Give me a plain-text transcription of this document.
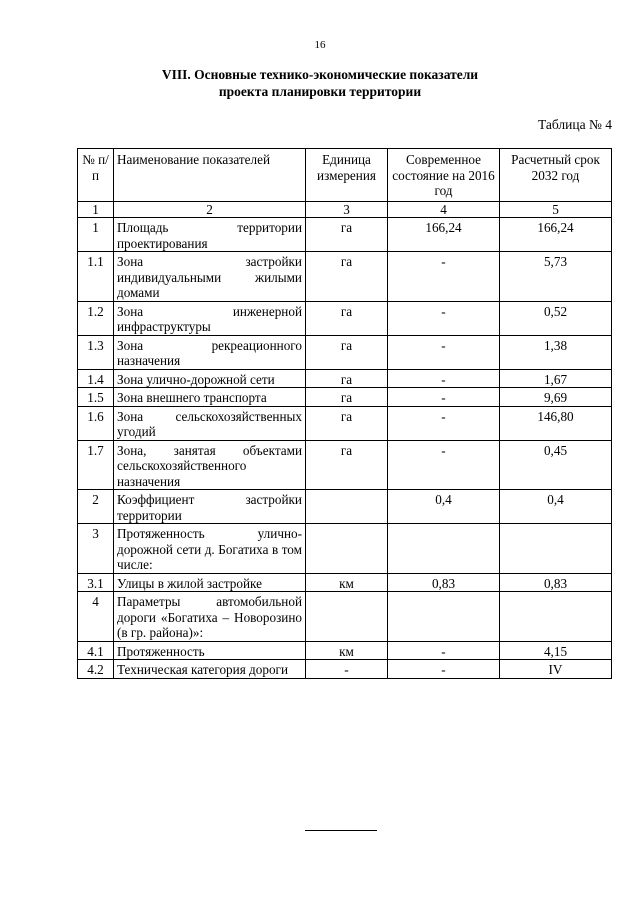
16
VIII. Основные технико-экономические показатели
проекта планировки территории
Таблица № 4
№ п/п	Наименование показателей	Единица измерения	Современное состояние на 2016 год	Расчетный срок 2032 год
1	2	3	4	5
1	Площадь территории проектирования	га	166,24	166,24
1.1	Зона застройки индивидуальными жилыми домами	га	-	5,73
1.2	Зона инженерной инфраструктуры	га	-	0,52
1.3	Зона рекреационного назначения	га	-	1,38
1.4	Зона улично-дорожной сети	га	-	1,67
1.5	Зона внешнего транспорта	га	-	9,69
1.6	Зона сельскохозяйственных угодий	га	-	146,80
1.7	Зона, занятая объектами сельскохозяйственного назначения	га	-	0,45
2	Коэффициент застройки территории		0,4	0,4
3	Протяженность улично-дорожной сети д. Богатиха в том числе:			
3.1	Улицы в жилой застройке	км	0,83	0,83
4	Параметры автомобильной дороги «Богатиха – Новорозино (в гр. района)»:			
4.1	Протяженность	км	-	4,15
4.2	Техническая категория дороги	-	-	IV
